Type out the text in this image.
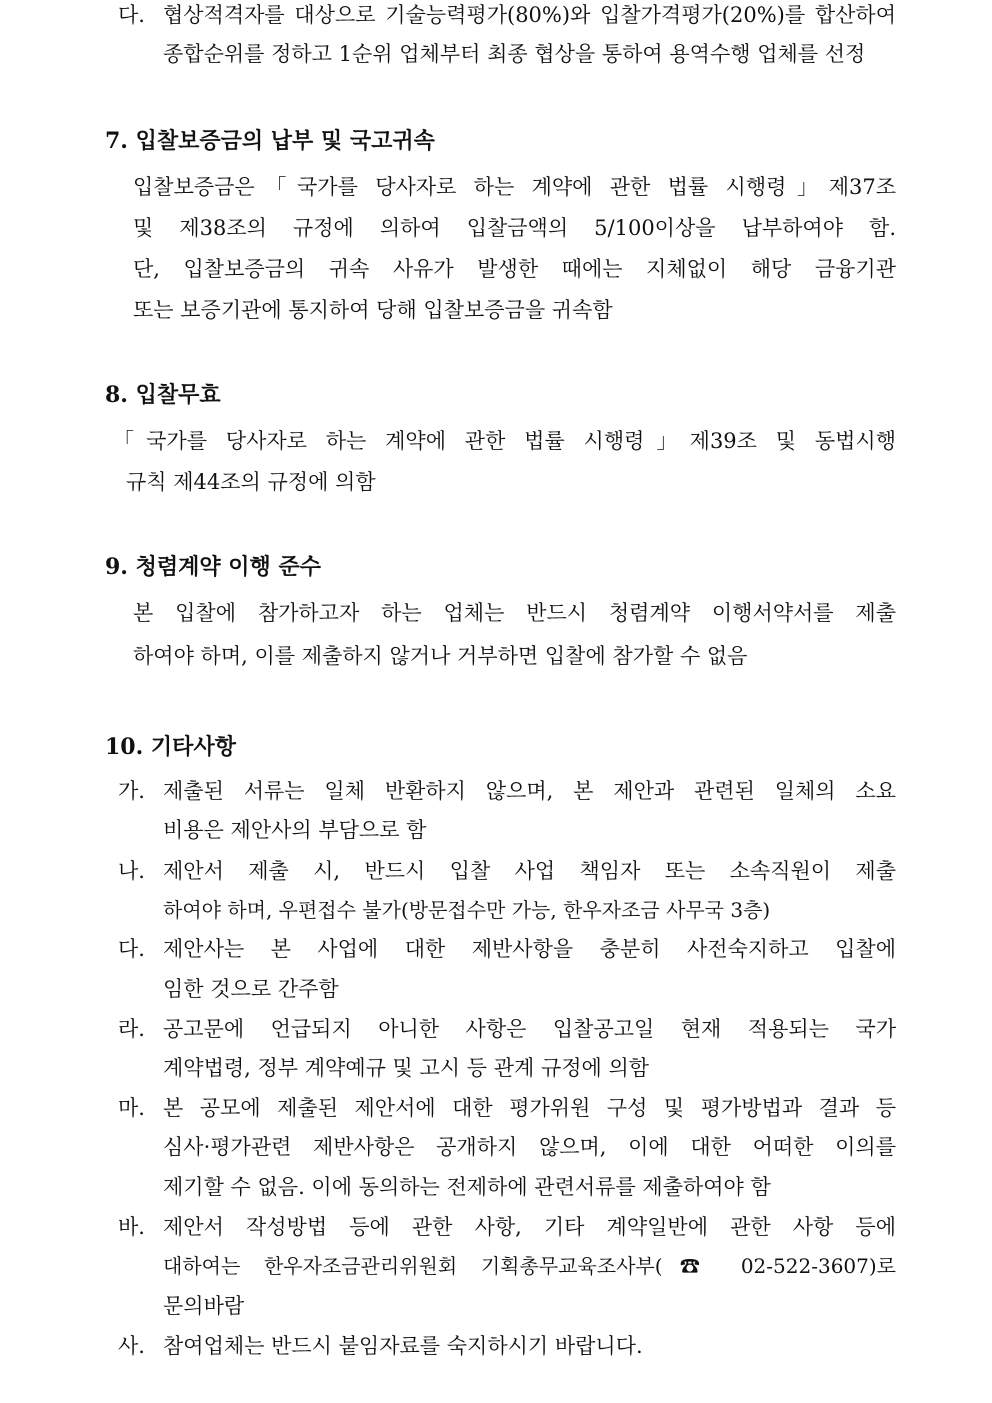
다. 협상적격자를 대상으로 기술능력평가(80%)와 입찰가격평가(20%)를 합산하여
종합순위를 정하고 1순위 업체부터 최종 협상을 통하여 용역수행 업체를 선정
7. 입찰보증금의 납부 및 국고귀속
입찰보증금은「국가를 당사자로 하는 계약에 관한 법률 시행령」제37조
및 제38조의 규정에 의하여 입찰금액의 5/100이상을 납부하여야 함.
단, 입찰보증금의 귀속 사유가 발생한 때에는 지체없이 해당 금융기관
또는 보증기관에 통지하여 당해 입찰보증금을 귀속함
8. 입찰무효
「국가를 당사자로 하는 계약에 관한 법률 시행령」제39조 및 동법시행
규칙 제44조의 규정에 의함
9. 청렴계약 이행 준수
본 입찰에 참가하고자 하는 업체는 반드시 청렴계약 이행서약서를 제출
하여야 하며, 이를 제출하지 않거나 거부하면 입찰에 참가할 수 없음
10. 기타사항
가. 제출된 서류는 일체 반환하지 않으며, 본 제안과 관련된 일체의 소요
비용은 제안사의 부담으로 함
나. 제안서 제출 시, 반드시 입찰 사업 책임자 또는 소속직원이 제출
하여야 하며, 우편접수 불가(방문접수만 가능, 한우자조금 사무국 3층)
다. 제안사는 본 사업에 대한 제반사항을 충분히 사전숙지하고 입찰에
임한 것으로 간주함
라. 공고문에 언급되지 아니한 사항은 입찰공고일 현재 적용되는 국가
계약법령, 정부 계약예규 및 고시 등 관계 규정에 의함
마. 본 공모에 제출된 제안서에 대한 평가위원 구성 및 평가방법과 결과 등
심사·평가관련 제반사항은 공개하지 않으며, 이에 대한 어떠한 이의를
제기할 수 없음. 이에 동의하는 전제하에 관련서류를 제출하여야 함
바. 제안서 작성방법 등에 관한 사항, 기타 계약일반에 관한 사항 등에
대하여는 한우자조금관리위원회 기획총무교육조사부(☎ 02-522-3607)로
문의바람
사. 참여업체는 반드시 붙임자료를 숙지하시기 바랍니다.
